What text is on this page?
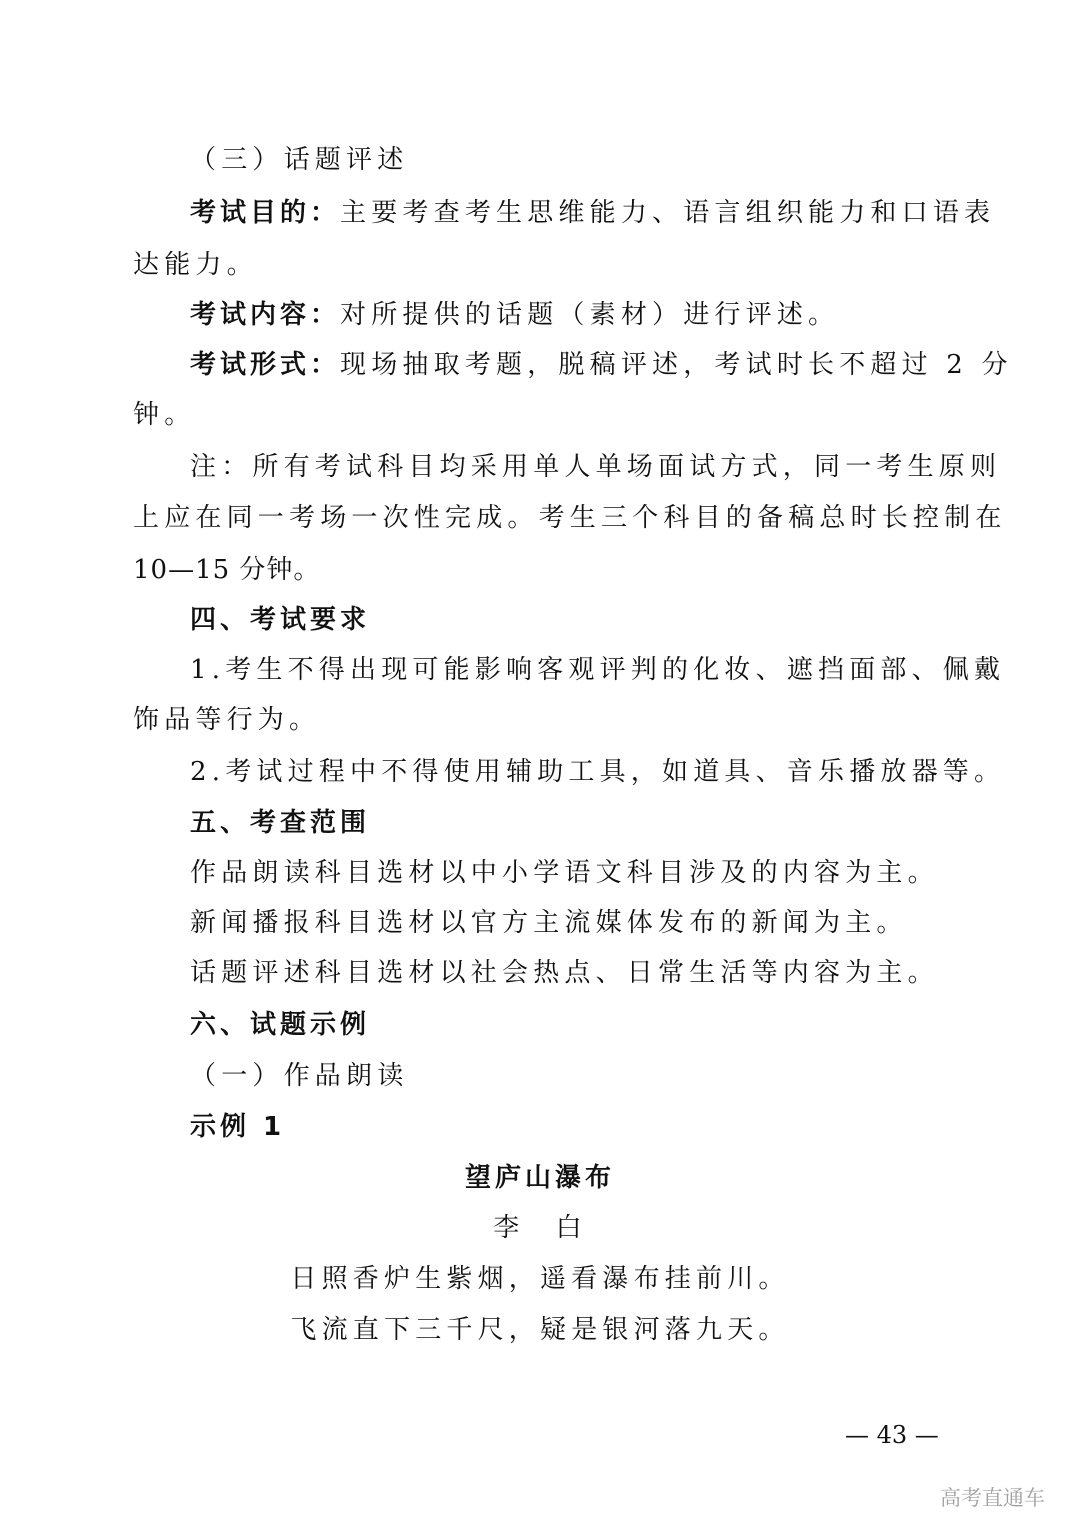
（三）话题评述
考试目的：主要考查考生思维能力、语言组织能力和口语表
达能力。
考试内容：对所提供的话题（素材）进行评述。
考试形式：现场抽取考题，脱稿评述，考试时长不超过 2 分
钟。
注：所有考试科目均采用单人单场面试方式，同一考生原则
上应在同一考场一次性完成。考生三个科目的备稿总时长控制在
10—15 分钟。
四、考试要求
1.考生不得出现可能影响客观评判的化妆、遮挡面部、佩戴
饰品等行为。
2.考试过程中不得使用辅助工具，如道具、音乐播放器等。
五、考查范围
作品朗读科目选材以中小学语文科目涉及的内容为主。
新闻播报科目选材以官方主流媒体发布的新闻为主。
话题评述科目选材以社会热点、日常生活等内容为主。
六、试题示例
（一）作品朗读
示例 1
望庐山瀑布
李　白
日照香炉生紫烟，遥看瀑布挂前川。
飞流直下三千尺，疑是银河落九天。
— 43 —
高考直通车
